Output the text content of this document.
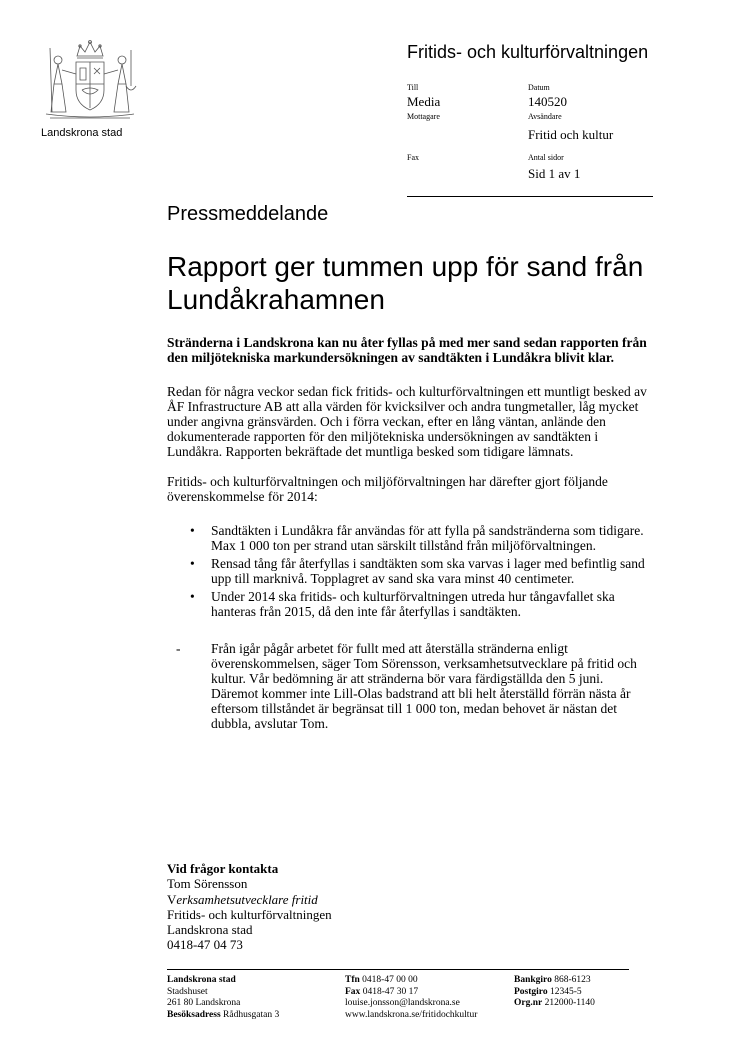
Landskrona stad
Fritids- och kulturförvaltningen
Till
Media
Mottagare
Fax
Datum
140520
Avsändare
Fritid och kultur
Antal sidor
Sid 1 av 1
Pressmeddelande
Rapport ger tummen upp för sand från Lundåkrahamnen

Stränderna i Landskrona kan nu åter fyllas på med mer sand sedan rapporten från den miljötekniska markundersökningen av sandtäkten i Lundåkra blivit klar.

Redan för några veckor sedan fick fritids- och kulturförvaltningen ett muntligt besked av ÅF Infrastructure AB att alla värden för kvicksilver och andra tungmetaller, låg mycket under angivna gränsvärden. Och i förra veckan, efter en lång väntan, anlände den dokumenterade rapporten för den miljötekniska undersökningen av sandtäkten i Lundåkra. Rapporten bekräftade det muntliga besked som tidigare lämnats.

Fritids- och kulturförvaltningen och miljöförvaltningen har därefter gjort följande överenskommelse för 2014:

• Sandtäkten i Lundåkra får användas för att fylla på sandstränderna som tidigare. Max 1 000 ton per strand utan särskilt tillstånd från miljöförvaltningen.
• Rensad tång får återfyllas i sandtäkten som ska varvas i lager med befintlig sand upp till marknivå. Topplagret av sand ska vara minst 40 centimeter.
• Under 2014 ska fritids- och kulturförvaltningen utreda hur tångavfallet ska hanteras från 2015, då den inte får återfyllas i sandtäkten.

- Från igår pågår arbetet för fullt med att återställa stränderna enligt överenskommelsen, säger Tom Sörensson, verksamhetsutvecklare på fritid och kultur. Vår bedömning är att stränderna bör vara färdigställda den 5 juni. Däremot kommer inte Lill-Olas badstrand att bli helt återställd förrän nästa år eftersom tillståndet är begränsat till 1 000 ton, medan behovet är nästan det dubbla, avslutar Tom.

Vid frågor kontakta
Tom Sörensson
Verksamhetsutvecklare fritid
Fritids- och kulturförvaltningen
Landskrona stad
0418-47 04 73
Landskrona stad
Stadshuset
261 80 Landskrona
Besöksadress Rådhusgatan 3
Tfn 0418-47 00 00
Fax 0418-47 30 17
louise.jonsson@landskrona.se
www.landskrona.se/fritidochkultur
Bankgiro 868-6123
Postgiro 12345-5
Org.nr 212000-1140
